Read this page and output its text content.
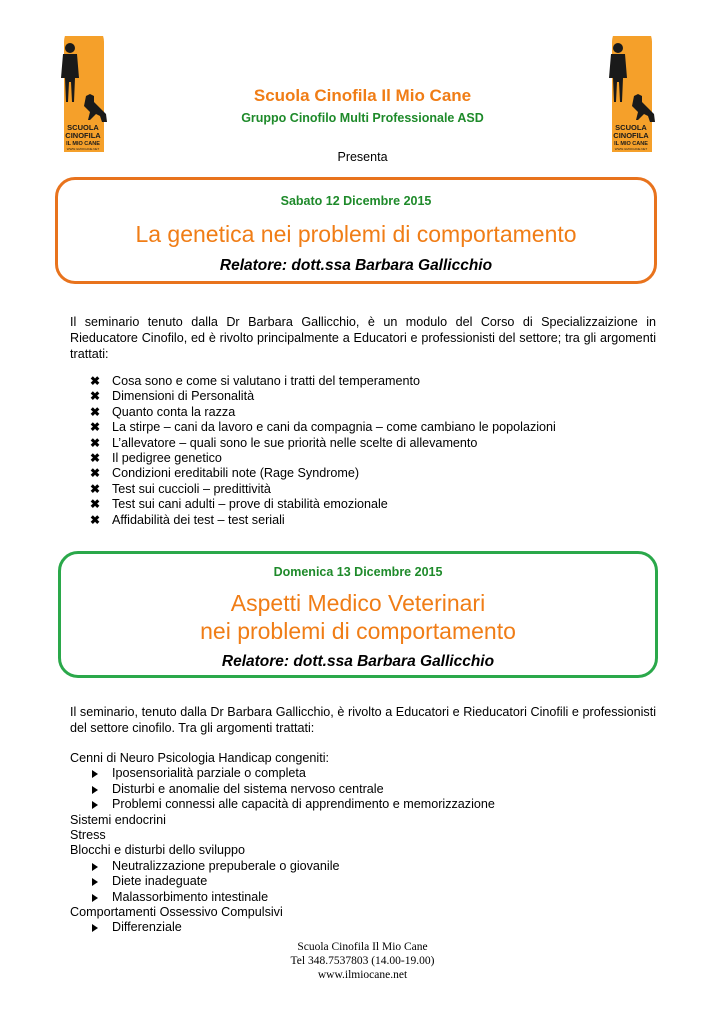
SCUOLA
CINOFILA
IL MIO CANE
WWW.ILMIOCANE.NET
SCUOLA
CINOFILA
IL MIO CANE
WWW.ILMIOCANE.NET
Scuola Cinofila Il Mio Cane
Gruppo Cinofilo Multi Professionale ASD
Presenta
Sabato 12 Dicembre 2015
La genetica nei problemi di comportamento
Relatore: dott.ssa Barbara Gallicchio
Il seminario tenuto dalla Dr Barbara Gallicchio, è un modulo del Corso di Specializzaizione in Rieducatore Cinofilo, ed è rivolto principalmente a Educatori e professionisti del settore; tra gli argomenti trattati:
✖ Cosa sono e come si valutano i tratti del temperamento
✖ Dimensioni di Personalità
✖ Quanto conta la razza
✖ La stirpe – cani da lavoro e cani da compagnia – come cambiano le popolazioni
✖ L’allevatore – quali sono le sue priorità nelle scelte di allevamento
✖ Il pedigree genetico
✖ Condizioni ereditabili note (Rage Syndrome)
✖ Test sui cuccioli – predittività
✖ Test sui cani adulti – prove di stabilità emozionale
✖ Affidabilità dei test – test seriali
Domenica 13 Dicembre 2015
Aspetti Medico Veterinari
nei problemi di comportamento
Relatore: dott.ssa Barbara Gallicchio
Il seminario, tenuto dalla Dr Barbara Gallicchio, è rivolto a Educatori e Rieducatori Cinofili e professionisti del settore cinofilo. Tra gli argomenti trattati:
Cenni di Neuro Psicologia Handicap congeniti:
Iposensorialità parziale o completa
Disturbi e anomalie del sistema nervoso centrale
Problemi connessi alle capacità di apprendimento e memorizzazione
Sistemi endocrini
Stress
Blocchi e disturbi dello sviluppo
Neutralizzazione prepuberale o giovanile
Diete inadeguate
Malassorbimento intestinale
Comportamenti Ossessivo Compulsivi
Differenziale
Scuola Cinofila Il Mio Cane
Tel 348.7537803 (14.00-19.00)
www.ilmiocane.net
